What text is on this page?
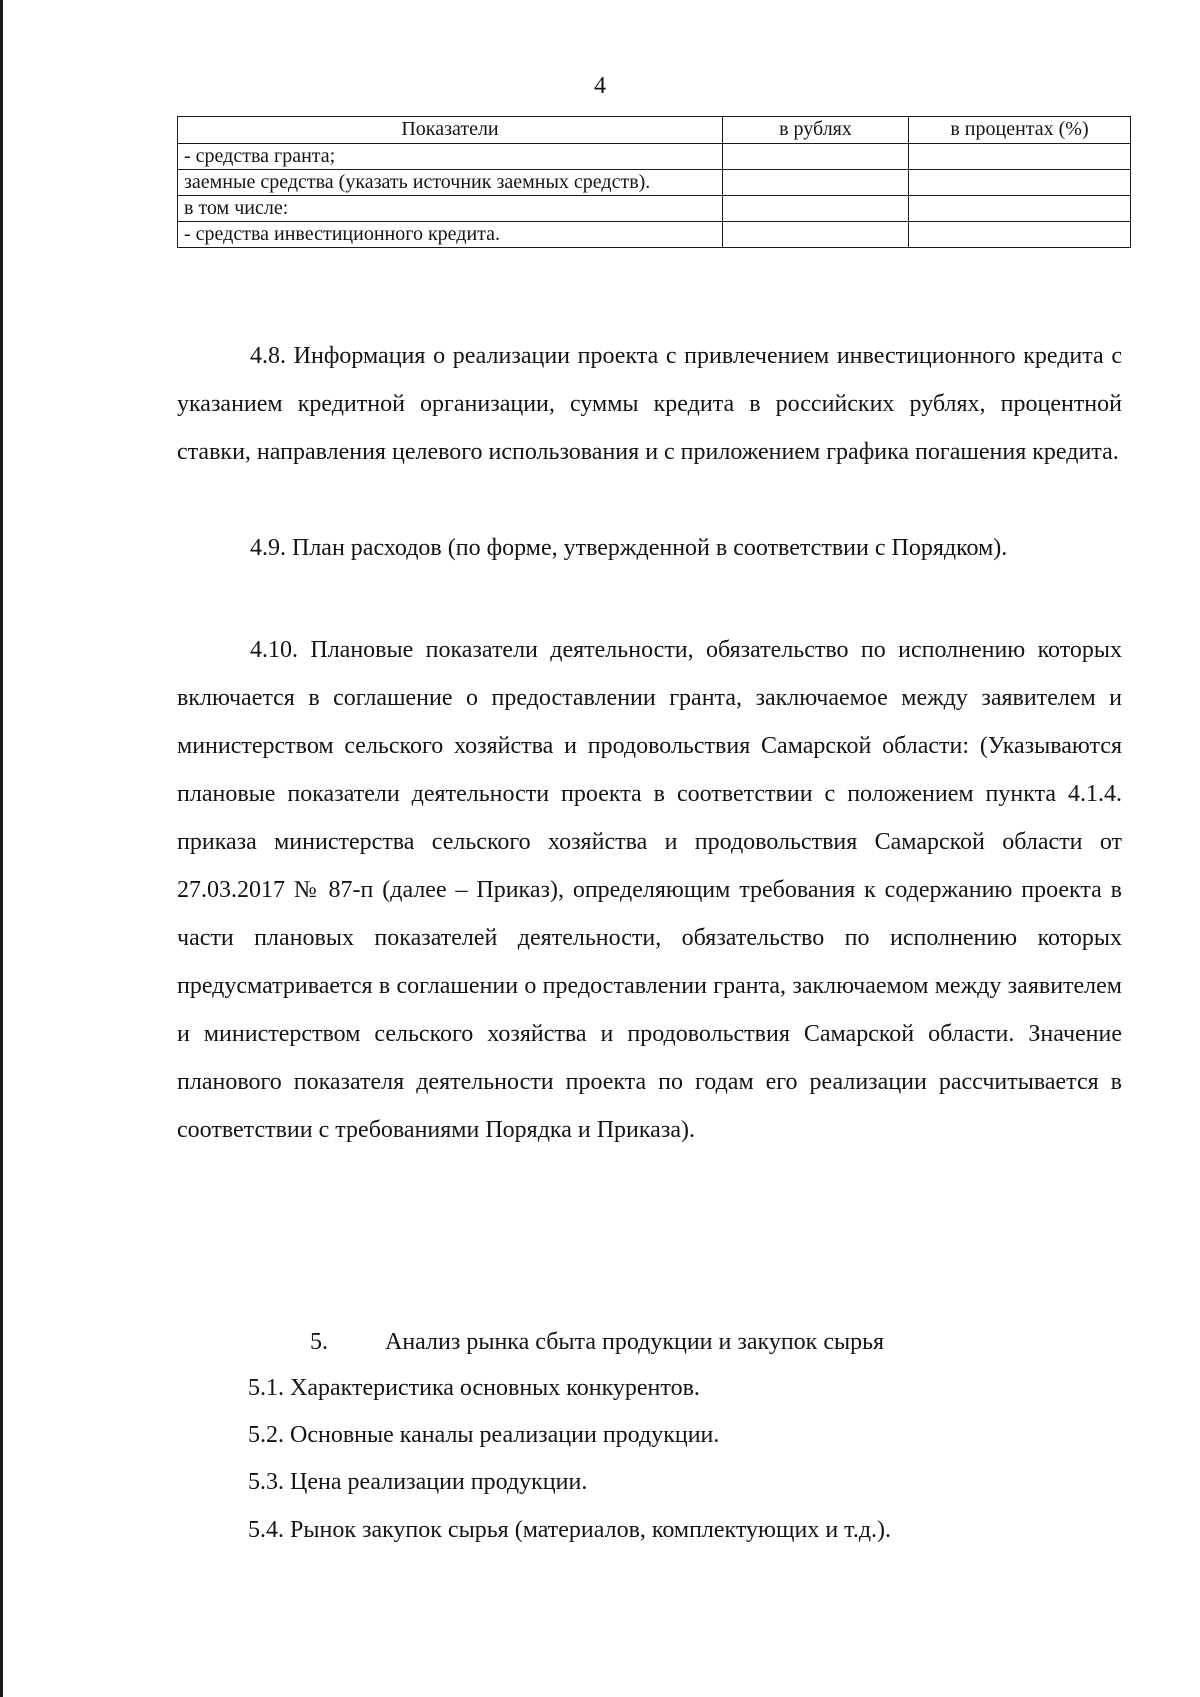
4
Показатели	в рублях	в процентах (%)
- средства гранта;		
заемные средства (указать источник заемных средств).		
в том числе:		
- средства инвестиционного кредита.		

4.8. Информация о реализации проекта с привлечением инвестиционного кредита с указанием кредитной организации, суммы кредита в российских рублях, процентной ставки, направления целевого использования и с приложением графика погашения кредита.

4.9. План расходов (по форме, утвержденной в соответствии с Порядком).

4.10. Плановые показатели деятельности, обязательство по исполнению которых включается в соглашение о предоставлении гранта, заключаемое между заявителем и министерством сельского хозяйства и продовольствия Самарской области: (Указываются плановые показатели деятельности проекта в соответствии с положением пункта 4.1.4. приказа министерства сельского хозяйства и продовольствия Самарской области от 27.03.2017 № 87-п (далее – Приказ), определяющим требования к содержанию проекта в части плановых показателей деятельности, обязательство по исполнению которых предусматривается в соглашении о предоставлении гранта, заключаемом между заявителем и министерством сельского хозяйства и продовольствия Самарской области. Значение планового показателя деятельности проекта по годам его реализации рассчитывается в соответствии с требованиями Порядка и Приказа).

5. Анализ рынка сбыта продукции и закупок сырья

5.1. Характеристика основных конкурентов.

5.2. Основные каналы реализации продукции.

5.3. Цена реализации продукции.

5.4. Рынок закупок сырья (материалов, комплектующих и т.д.).
